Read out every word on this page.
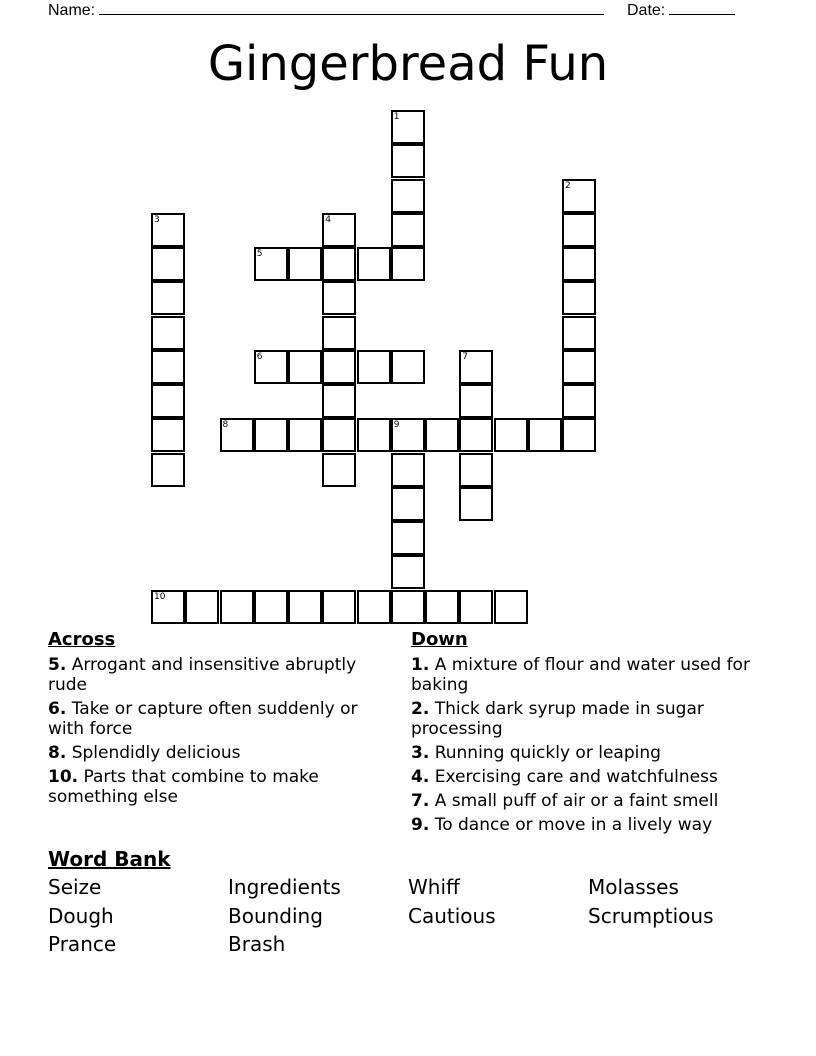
Name:	Date:
Gingerbread Fun
1
2
3	4
5
6	7
8	9
10
Across
5. Arrogant and insensitive abruptly rude
6. Take or capture often suddenly or with force
8. Splendidly delicious
10. Parts that combine to make something else
Down
1. A mixture of flour and water used for baking
2. Thick dark syrup made in sugar processing
3. Running quickly or leaping
4. Exercising care and watchfulness
7. A small puff of air or a faint smell
9. To dance or move in a lively way
Word Bank
Seize	Ingredients	Whiff	Molasses
Dough	Bounding	Cautious	Scrumptious
Prance	Brash
